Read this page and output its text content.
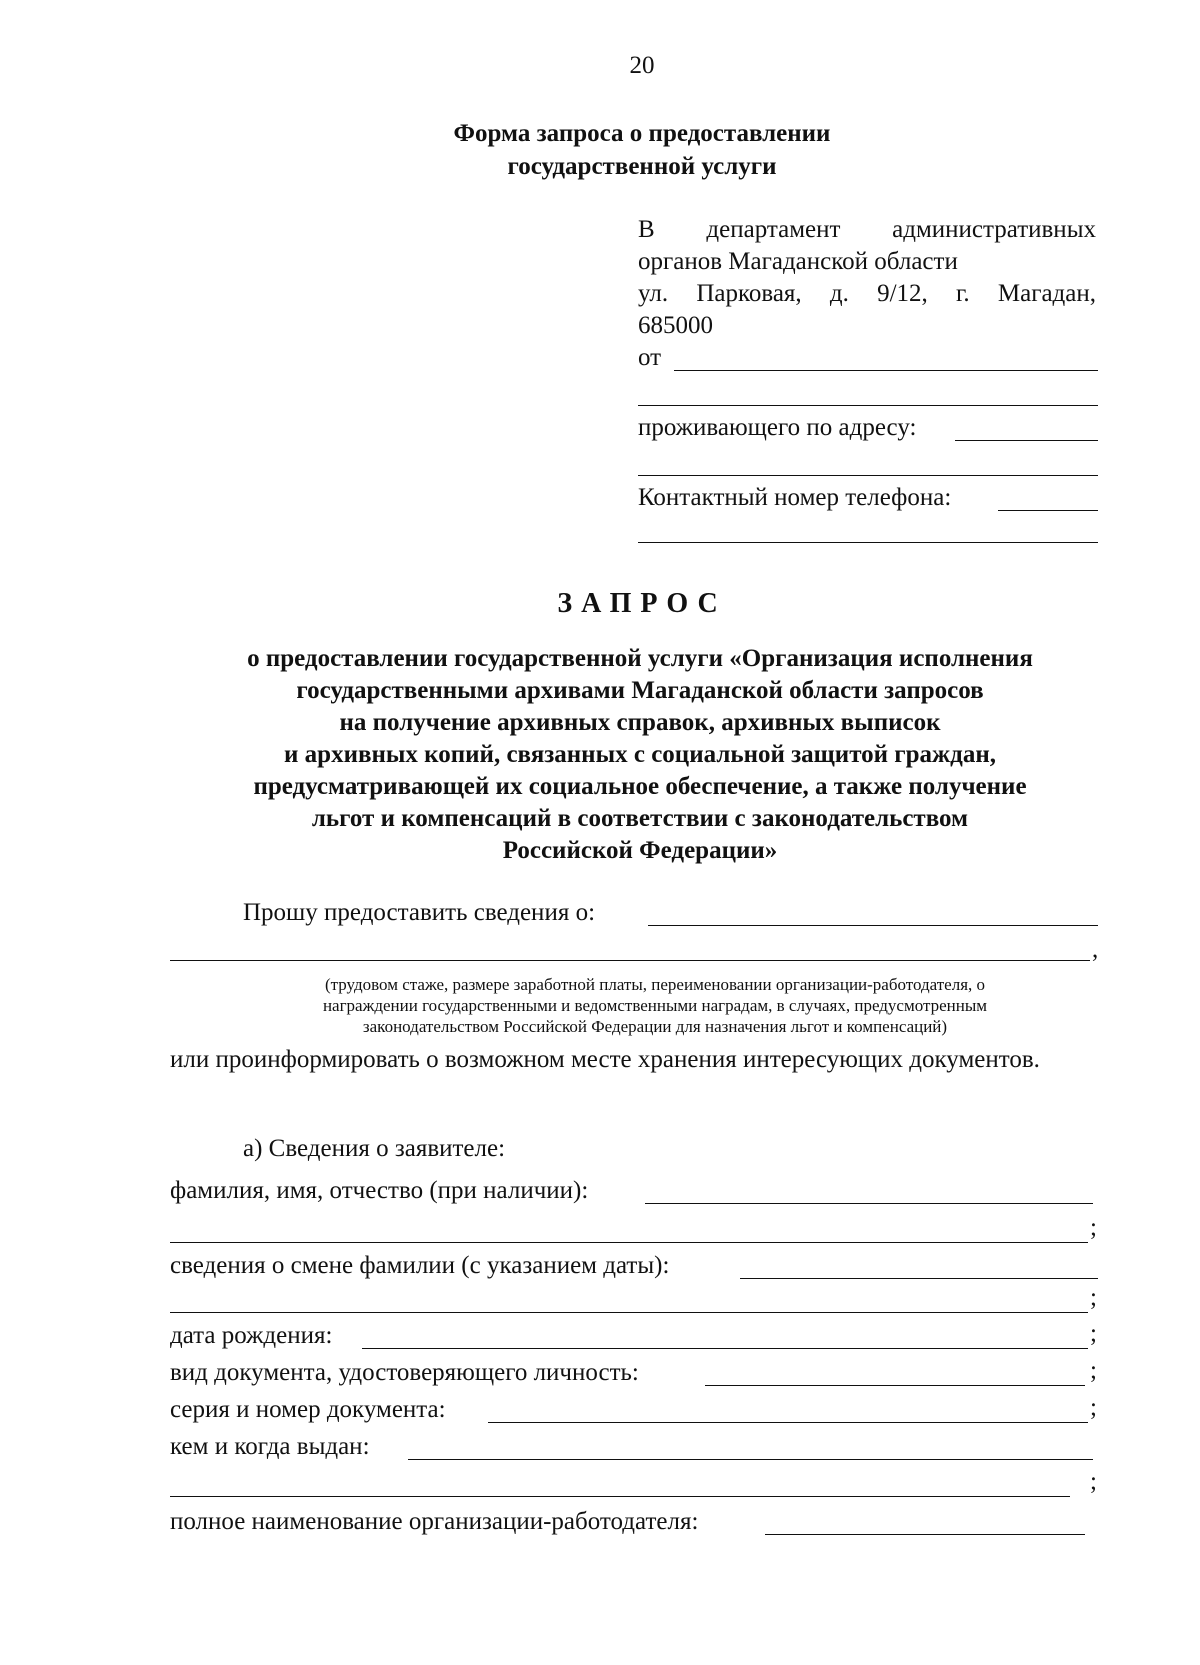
20
Форма запроса о предоставлении
государственной услуги
В департамент административных
органов Магаданской области
ул. Парковая, д. 9/12, г. Магадан,
685000
от
проживающего по адресу:
Контактный номер телефона:
ЗАПРОС
о предоставлении государственной услуги «Организация исполнения
государственными архивами Магаданской области запросов
на получение архивных справок, архивных выписок
и архивных копий, связанных с социальной защитой граждан,
предусматривающей их социальное обеспечение, а также получение
льгот и компенсаций в соответствии с законодательством
Российской Федерации»
Прошу предоставить сведения о:
,
(трудовом стаже, размере заработной платы, переименовании организации-работодателя, о
награждении государственными и ведомственными наградам, в случаях, предусмотренным
законодательством Российской Федерации для назначения льгот и компенсаций)
или проинформировать о возможном месте хранения интересующих документов.
а) Сведения о заявителе:
фамилия, имя, отчество (при наличии):
;
сведения о смене фамилии (с указанием даты):
;
дата рождения:	;
вид документа, удостоверяющего личность:	;
серия и номер документа:	;
кем и когда выдан:
;
полное наименование организации-работодателя:
